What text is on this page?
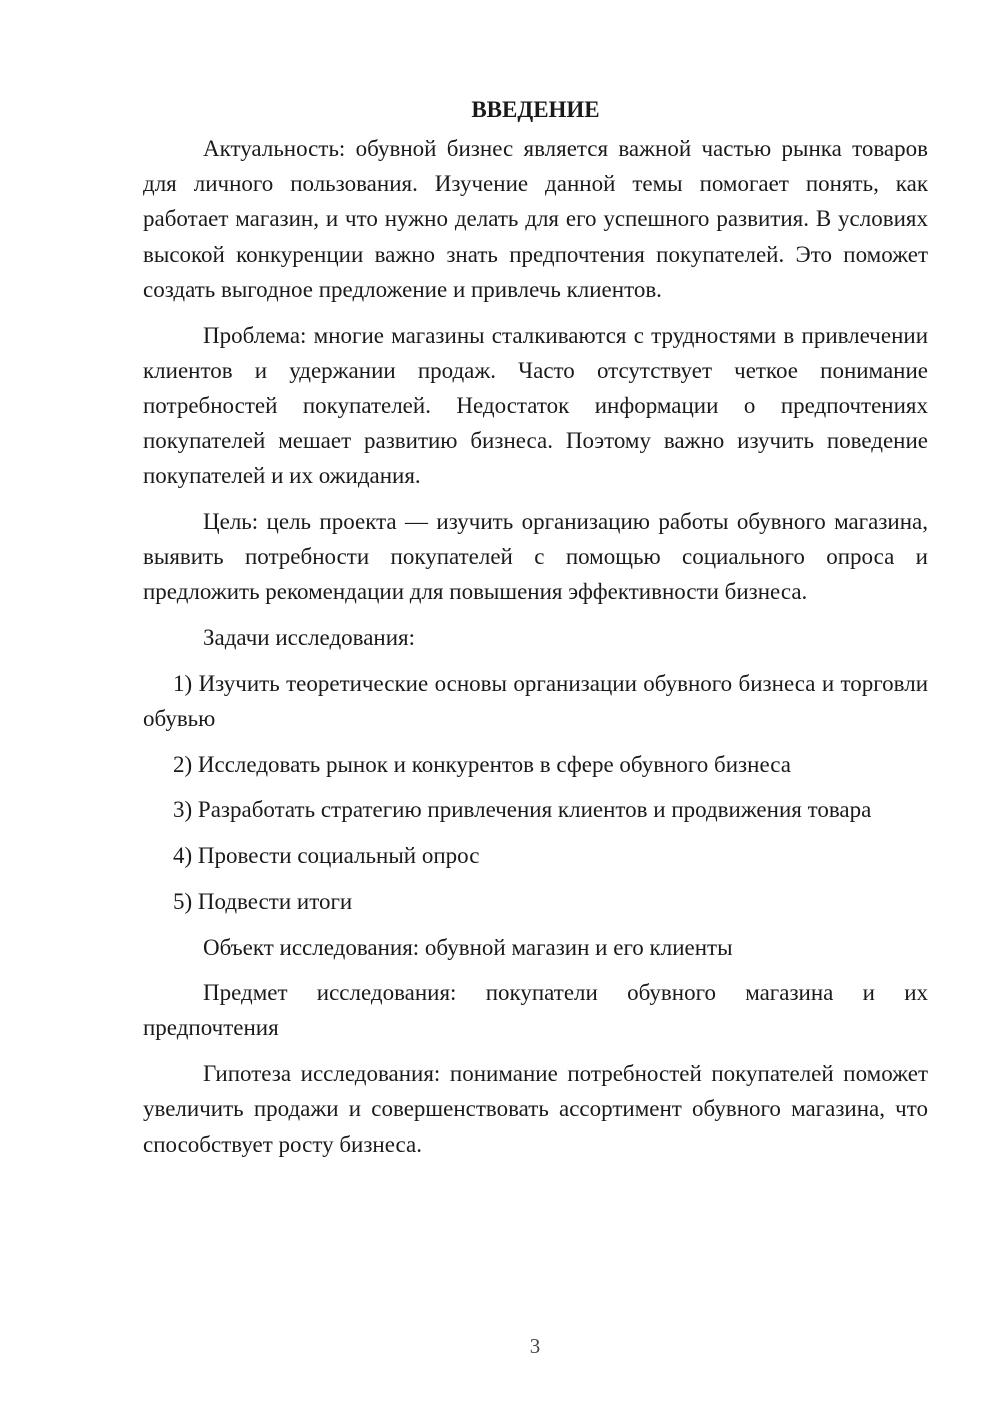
ВВЕДЕНИЕ

Актуальность: обувной бизнес является важной частью рынка товаров для личного пользования. Изучение данной темы помогает понять, как работает магазин, и что нужно делать для его успешного развития. В условиях высокой конкуренции важно знать предпочтения покупателей. Это поможет создать выгодное предложение и привлечь клиентов.

Проблема: многие магазины сталкиваются с трудностями в привлечении клиентов и удержании продаж. Часто отсутствует четкое понимание потребностей покупателей. Недостаток информации о предпочтениях покупателей мешает развитию бизнеса. Поэтому важно изучить поведение покупателей и их ожидания.

Цель: цель проекта — изучить организацию работы обувного магазина, выявить потребности покупателей с помощью социального опроса и предложить рекомендации для повышения эффективности бизнеса.

Задачи исследования:

1) Изучить теоретические основы организации обувного бизнеса и торговли обувью

2) Исследовать рынок и конкурентов в сфере обувного бизнеса

3) Разработать стратегию привлечения клиентов и продвижения товара

4) Провести социальный опрос

5) Подвести итоги

Объект исследования: обувной магазин и его клиенты

Предмет исследования: покупатели обувного магазина и их предпочтения

Гипотеза исследования: понимание потребностей покупателей поможет увеличить продажи и совершенствовать ассортимент обувного магазина, что способствует росту бизнеса.

3
